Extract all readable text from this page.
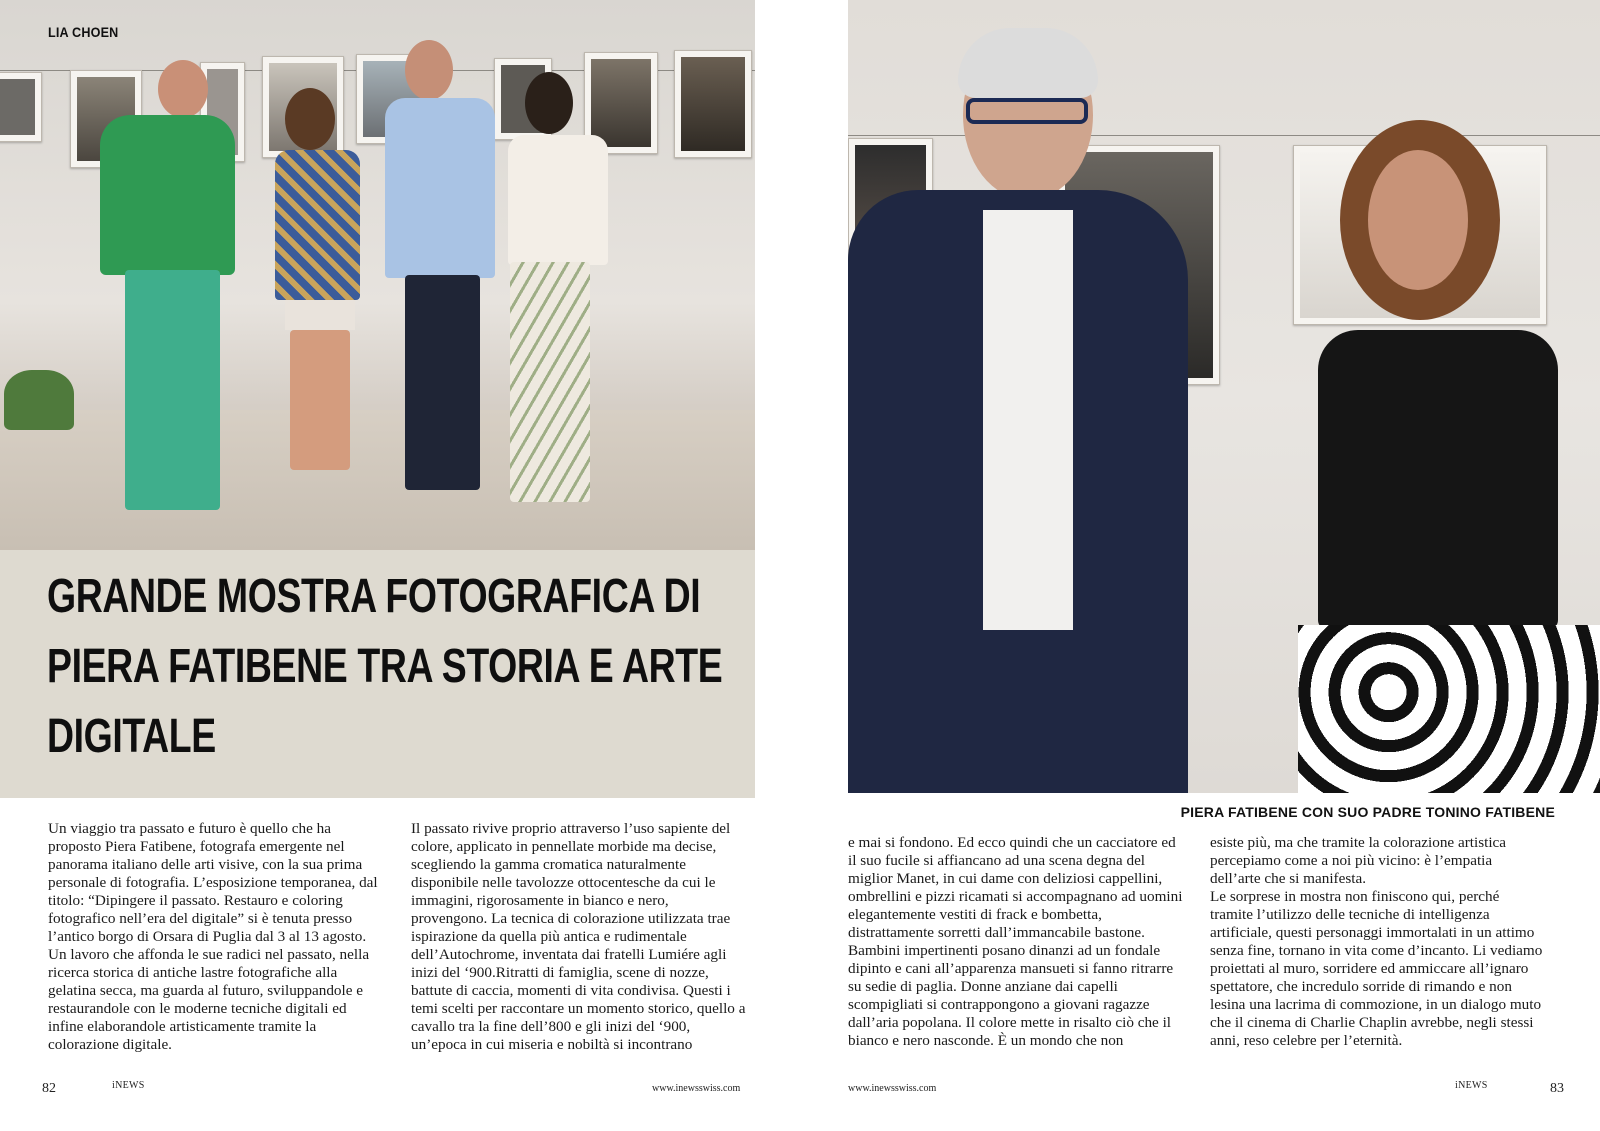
GRANDE MOSTRA FOTOGRAFICA DI PIERA FATIBENE TRA STORIA E ARTE DIGITALE
LIA CHOEN

Un viaggio tra passato e futuro è quello che ha proposto Piera Fatibene, fotografa emergente nel panorama italiano delle arti visive, con la sua prima personale di fotografia. L’esposizione temporanea, dal titolo: “Dipingere il passato. Restauro e coloring fotografico nell’era del digitale” si è tenuta presso l’antico borgo di Orsara di Puglia dal 3 al 13 agosto. Un lavoro che affonda le sue radici nel passato, nella ricerca storica di antiche lastre fotografiche alla gelatina secca, ma guarda al futuro, sviluppandole e restaurandole con le moderne tecniche digitali ed infine elaborandole artisticamente tramite la colorazione digitale.

Il passato rivive proprio attraverso l’uso sapiente del colore, applicato in pennellate morbide ma decise, scegliendo la gamma cromatica naturalmente disponibile nelle tavolozze ottocentesche da cui le immagini, rigorosamente in bianco e nero, provengono. La tecnica di colorazione utilizzata trae ispirazione da quella più antica e rudimentale dell’Autochrome, inventata dai fratelli Lumiére agli inizi del ‘900.Ritratti di famiglia, scene di nozze, battute di caccia, momenti di vita condivisa. Questi i temi scelti per raccontare un momento storico, quello a cavallo tra la fine dell’800 e gli inizi del ‘900, un’epoca in cui miseria e nobiltà si incontrano

PIERA FATIBENE CON SUO PADRE TONINO FATIBENE

e mai si fondono. Ed ecco quindi che un cacciatore ed il suo fucile si affiancano ad una scena degna del miglior Manet, in cui dame con deliziosi cappellini, ombrellini e pizzi ricamati si accompagnano ad uomini elegantemente vestiti di frack e bombetta, distrattamente sorretti dall’immancabile bastone. Bambini impertinenti posano dinanzi ad un fondale dipinto e cani all’apparenza mansueti si fanno ritrarre su sedie di paglia. Donne anziane dai capelli scompigliati si contrappongono a giovani ragazze dall’aria popolana. Il colore mette in risalto ciò che il bianco e nero nasconde. È un mondo che non

esiste più, ma che tramite la colorazione artistica percepiamo come a noi più vicino: è l’empatia dell’arte che si manifesta.

Le sorprese in mostra non finiscono qui, perché tramite l’utilizzo delle tecniche di intelligenza artificiale, questi personaggi immortalati in un attimo senza fine, tornano in vita come d’incanto. Li vediamo proiettati al muro, sorridere ed ammiccare all’ignaro spettatore, che incredulo sorride di rimando e non lesina una lacrima di commozione, in un dialogo muto che il cinema di Charlie Chaplin avrebbe, negli stessi anni, reso celebre per l’eternità.

82	iNEWS	www.inewsswiss.com	www.inewsswiss.com	iNEWS	83
